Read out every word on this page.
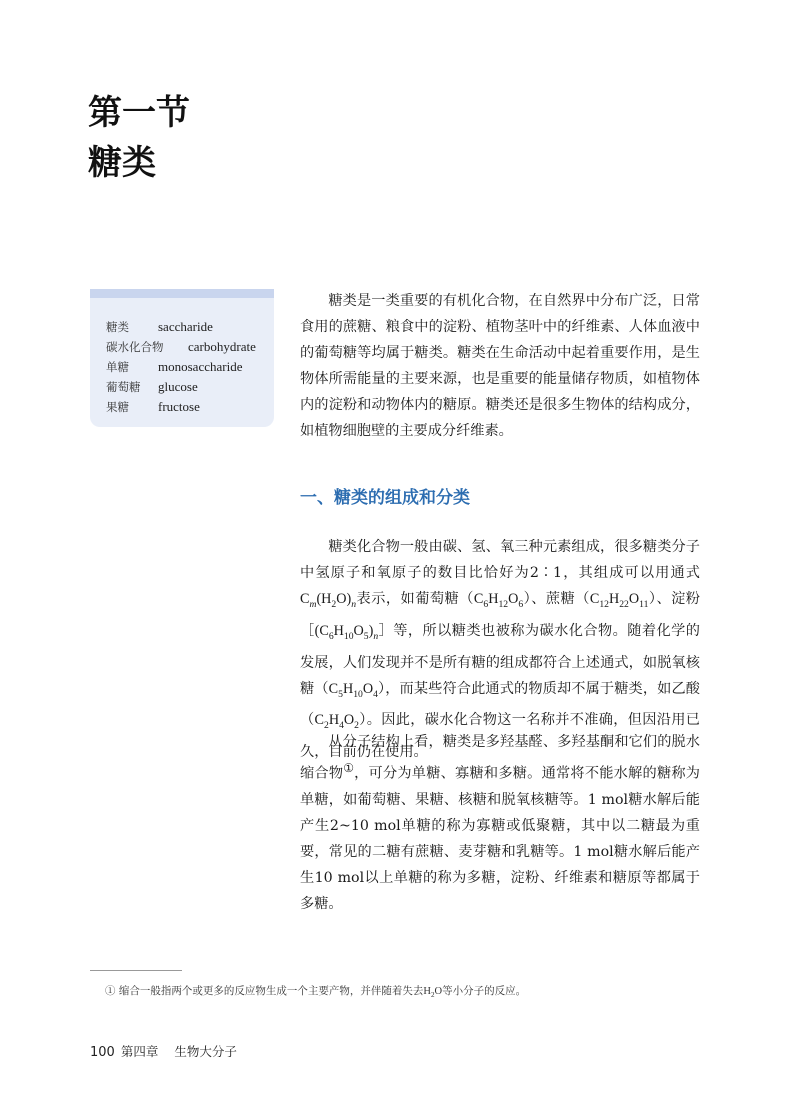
第一节
糖类
糖类 saccharide
碳水化合物 carbohydrate
单糖 monosaccharide
葡萄糖 glucose
果糖 fructose

糖类是一类重要的有机化合物，在自然界中分布广泛，日常食用的蔗糖、粮食中的淀粉、植物茎叶中的纤维素、人体血液中的葡萄糖等均属于糖类。糖类在生命活动中起着重要作用，是生物体所需能量的主要来源，也是重要的能量储存物质，如植物体内的淀粉和动物体内的糖原。糖类还是很多生物体的结构成分，如植物细胞壁的主要成分纤维素。

一、糖类的组成和分类

糖类化合物一般由碳、氢、氧三种元素组成，很多糖类分子中氢原子和氧原子的数目比恰好为2∶1，其组成可以用通式$C_m(H_2O)_n$表示，如葡萄糖$(C_6H_{12}O_6)$、蔗糖$(C_{12}H_{22}O_{11})$、淀粉$[(C_6H_{10}O_5)_n]$等，所以糖类也被称为碳水化合物。随着化学的发展，人们发现并不是所有糖的组成都符合上述通式，如脱氧核糖$(C_5H_{10}O_4)$，而某些符合此通式的物质却不属于糖类，如乙酸$(C_2H_4O_2)$。因此，碳水化合物这一名称并不准确，但因沿用已久，目前仍在使用。

从分子结构上看，糖类是多羟基醛、多羟基酮和它们的脱水缩合物①，可分为单糖、寡糖和多糖。通常将不能水解的糖称为单糖，如葡萄糖、果糖、核糖和脱氧核糖等。1 mol糖水解后能产生2~10 mol单糖的称为寡糖或低聚糖，其中以二糖最为重要，常见的二糖有蔗糖、麦芽糖和乳糖等。1 mol糖水解后能产生10 mol以上单糖的称为多糖，淀粉、纤维素和糖原等都属于多糖。

① 缩合一般指两个或更多的反应物生成一个主要产物，并伴随着失去$H_2O$等小分子的反应。

100 第四章 生物大分子
